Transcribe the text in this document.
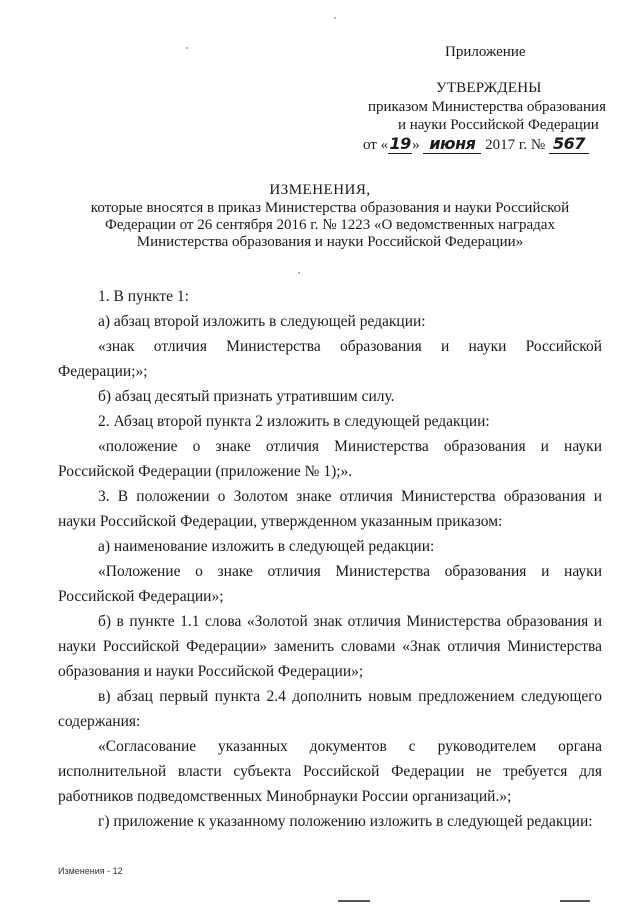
Приложение
УТВЕРЖДЕНЫ
приказом Министерства образования
и науки Российской Федерации
от «19» июня 2017 г. № 567
ИЗМЕНЕНИЯ,
которые вносятся в приказ Министерства образования и науки Российской
Федерации от 26 сентября 2016 г. № 1223 «О ведомственных наградах
Министерства образования и науки Российской Федерации»

1. В пункте 1:

а) абзац второй изложить в следующей редакции:

«знак отличия Министерства образования и науки Российской Федерации;»;

б) абзац десятый признать утратившим силу.

2. Абзац второй пункта 2 изложить в следующей редакции:

«положение о знаке отличия Министерства образования и науки Российской Федерации (приложение № 1);».

3. В положении о Золотом знаке отличия Министерства образования и науки Российской Федерации, утвержденном указанным приказом:

а) наименование изложить в следующей редакции:

«Положение о знаке отличия Министерства образования и науки Российской Федерации»;

б) в пункте 1.1 слова «Золотой знак отличия Министерства образования и науки Российской Федерации» заменить словами «Знак отличия Министерства образования и науки Российской Федерации»;

в) абзац первый пункта 2.4 дополнить новым предложением следующего содержания:

«Согласование указанных документов с руководителем органа исполнительной власти субъекта Российской Федерации не требуется для работников подведомственных Минобрнауки России организаций.»;

г) приложение к указанному положению изложить в следующей редакции:

Изменения - 12
